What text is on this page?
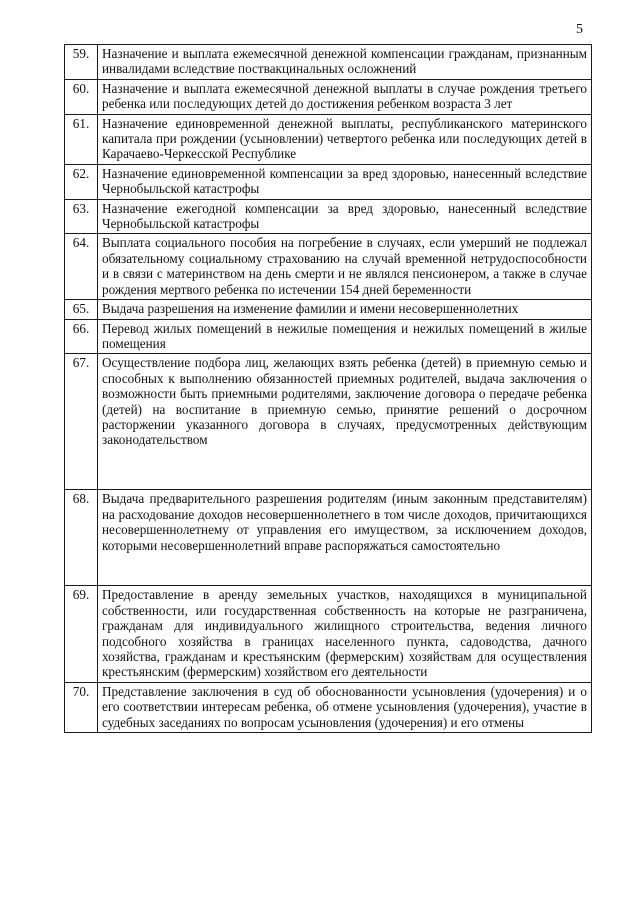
5
59.	Назначение и выплата ежемесячной денежной компенсации гражданам, признанным инвалидами вследствие поствакцинальных осложнений
60.	Назначение и выплата ежемесячной денежной выплаты в случае рождения третьего ребенка или последующих детей до достижения ребенком возраста 3 лет
61.	Назначение единовременной денежной выплаты, республиканского материнского капитала при рождении (усыновлении) четвертого ребенка или последующих детей в Карачаево-Черкесской Республике
62.	Назначение единовременной компенсации за вред здоровью, нанесенный вследствие Чернобыльской катастрофы
63.	Назначение ежегодной компенсации за вред здоровью, нанесенный вследствие Чернобыльской катастрофы
64.	Выплата социального пособия на погребение в случаях, если умерший не подлежал обязательному социальному страхованию на случай временной нетрудоспособности и в связи с материнством на день смерти и не являлся пенсионером, а также в случае рождения мертвого ребенка по истечении 154 дней беременности
65.	Выдача разрешения на изменение фамилии и имени несовершеннолетних
66.	Перевод жилых помещений в нежилые помещения и нежилых помещений в жилые помещения
67.	Осуществление подбора лиц, желающих взять ребенка (детей) в приемную семью и способных к выполнению обязанностей приемных родителей, выдача заключения о возможности быть приемными родителями, заключение договора о передаче ребенка (детей) на воспитание в приемную семью, принятие решений о досрочном расторжении указанного договора в случаях, предусмотренных действующим законодательством
68.	Выдача предварительного разрешения родителям (иным законным представителям) на расходование доходов несовершеннолетнего в том числе доходов, причитающихся несовершеннолетнему от управления его имуществом, за исключением доходов, которыми несовершеннолетний вправе распоряжаться самостоятельно
69.	Предоставление в аренду земельных участков, находящихся в муниципальной собственности, или государственная собственность на которые не разграничена, гражданам для индивидуального жилищного строительства, ведения личного подсобного хозяйства в границах населенного пункта, садоводства, дачного хозяйства, гражданам и крестьянским (фермерским) хозяйствам для осуществления крестьянским (фермерским) хозяйством его деятельности
70.	Представление заключения в суд об обоснованности усыновления (удочерения) и о его соответствии интересам ребенка, об отмене усыновления (удочерения), участие в судебных заседаниях по вопросам усыновления (удочерения) и его отмены
